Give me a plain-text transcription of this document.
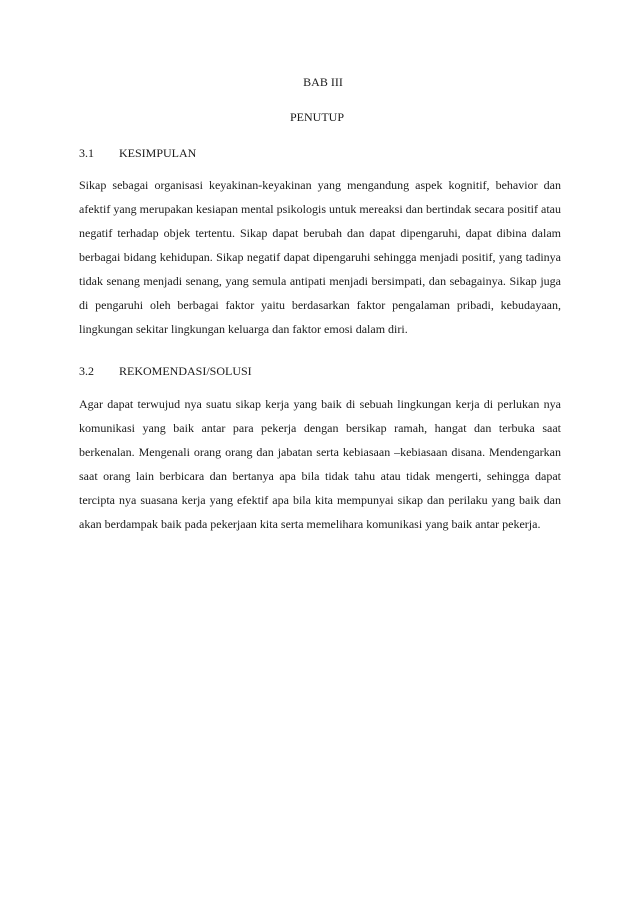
BAB III
PENUTUP
3.1 KESIMPULAN

Sikap sebagai organisasi keyakinan-keyakinan yang mengandung aspek kognitif, behavior dan afektif yang merupakan kesiapan mental psikologis untuk mereaksi dan bertindak secara positif atau negatif terhadap objek tertentu. Sikap dapat berubah dan dapat dipengaruhi, dapat dibina dalam berbagai bidang kehidupan. Sikap negatif dapat dipengaruhi sehingga menjadi positif, yang tadinya tidak senang menjadi senang, yang semula antipati menjadi bersimpati, dan sebagainya. Sikap juga di pengaruhi oleh berbagai faktor yaitu berdasarkan faktor pengalaman pribadi, kebudayaan, lingkungan sekitar lingkungan keluarga dan faktor emosi dalam diri.

3.2 REKOMENDASI/SOLUSI

Agar dapat terwujud nya suatu sikap kerja yang baik di sebuah lingkungan kerja di perlukan nya komunikasi yang baik antar para pekerja dengan bersikap ramah, hangat dan terbuka saat berkenalan. Mengenali orang orang dan jabatan serta kebiasaan –kebiasaan disana. Mendengarkan saat orang lain berbicara dan bertanya apa bila tidak tahu atau tidak mengerti, sehingga dapat tercipta nya suasana kerja yang efektif apa bila kita mempunyai sikap dan perilaku yang baik dan akan berdampak baik pada pekerjaan kita serta memelihara komunikasi yang baik antar pekerja.
